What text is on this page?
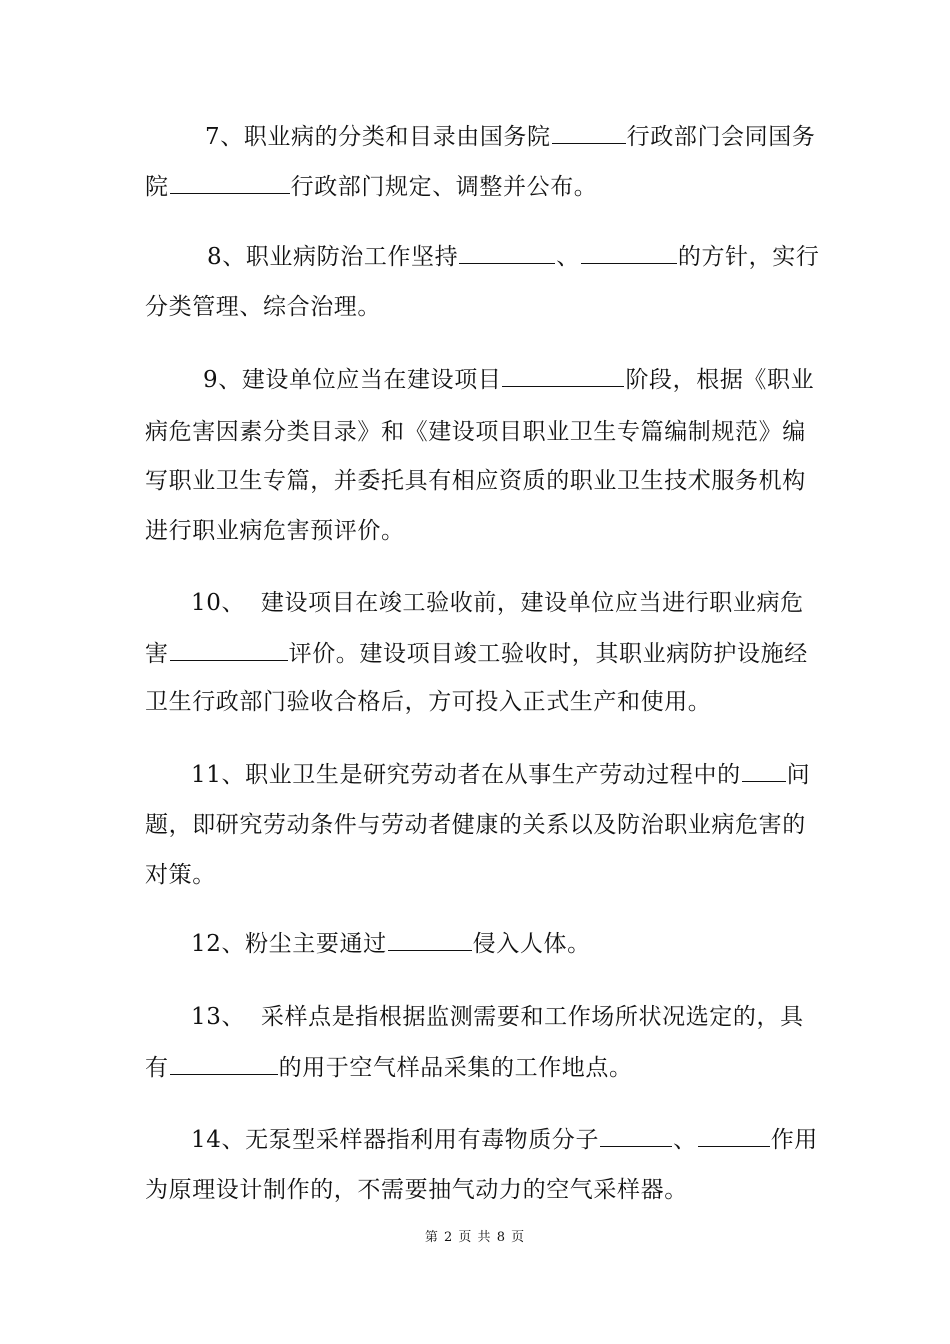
7、职业病的分类和目录由国务院	行政部门会同国务
院	行政部门规定、调整并公布。
8、职业病防治工作坚持	、	的方针，实行
分类管理、综合治理。
9、建设单位应当在建设项目	阶段，根据《职业
病危害因素分类目录》和《建设项目职业卫生专篇编制规范》编
写职业卫生专篇，并委托具有相应资质的职业卫生技术服务机构
进行职业病危害预评价。
10、  建设项目在竣工验收前，建设单位应当进行职业病危
害	评价。建设项目竣工验收时，其职业病防护设施经
卫生行政部门验收合格后，方可投入正式生产和使用。
11、职业卫生是研究劳动者在从事生产劳动过程中的 问
题，即研究劳动条件与劳动者健康的关系以及防治职业病危害的
对策。
12、粉尘主要通过	侵入人体。
13、  采样点是指根据监测需要和工作场所状况选定的，具
有	的用于空气样品采集的工作地点。
14、无泵型采样器指利用有毒物质分子	、	作用
为原理设计制作的，不需要抽气动力的空气采样器。
第 2 页 共 8 页
